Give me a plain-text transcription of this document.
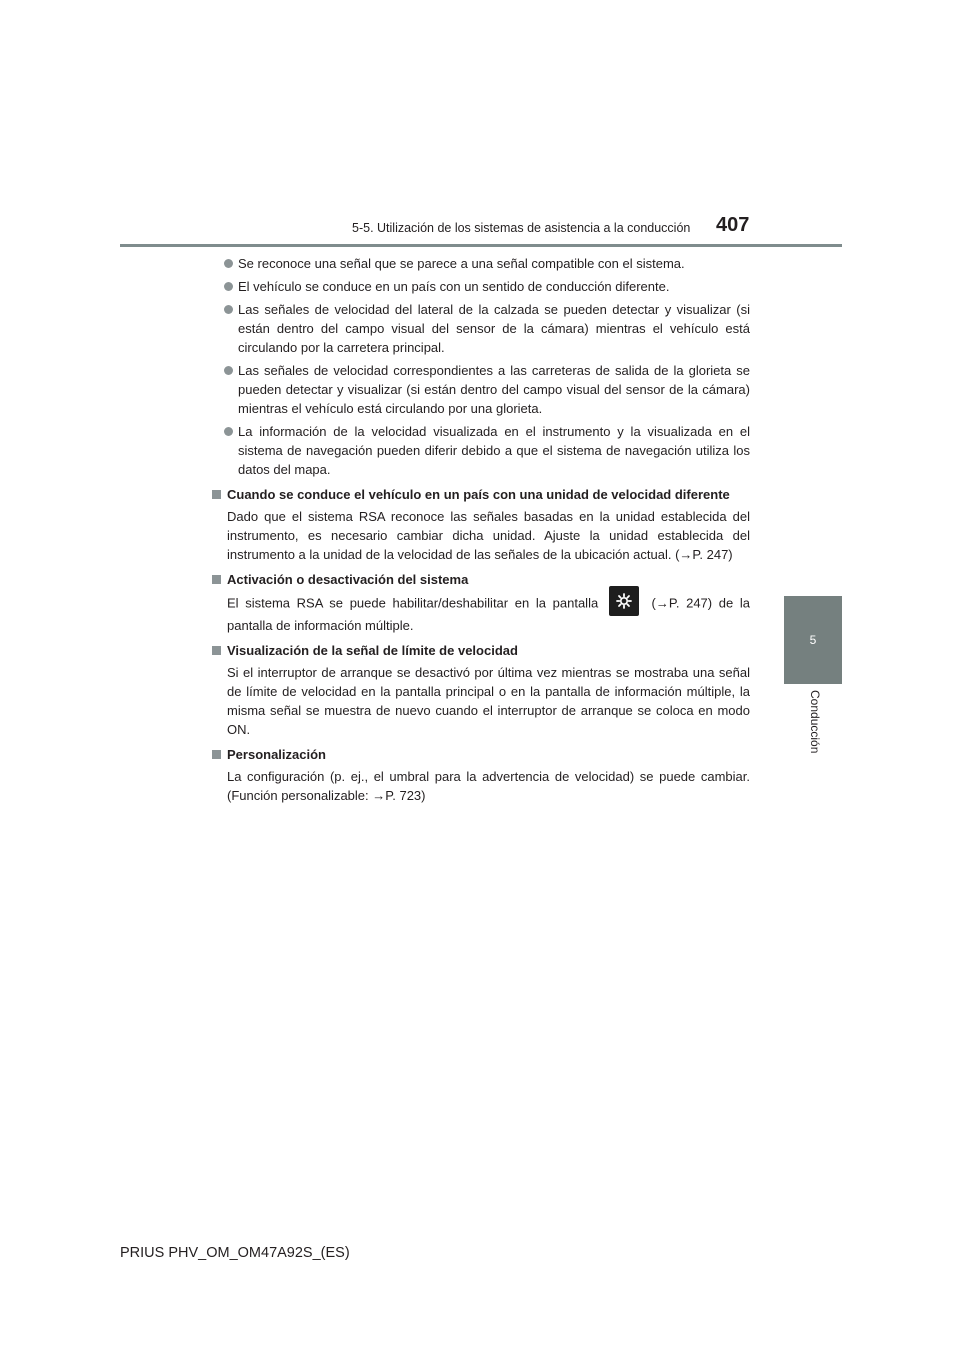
5-5. Utilización de los sistemas de asistencia a la conducción 407
5
Conducción
Se reconoce una señal que se parece a una señal compatible con el sistema.
El vehículo se conduce en un país con un sentido de conducción diferente.
Las señales de velocidad del lateral de la calzada se pueden detectar y visualizar (si están dentro del campo visual del sensor de la cámara) mientras el vehículo está circulando por la carretera principal.
Las señales de velocidad correspondientes a las carreteras de salida de la glorieta se pueden detectar y visualizar (si están dentro del campo visual del sensor de la cámara) mientras el vehículo está circulando por una glorieta.
La información de la velocidad visualizada en el instrumento y la visualizada en el sistema de navegación pueden diferir debido a que el sistema de navegación utiliza los datos del mapa.
Cuando se conduce el vehículo en un país con una unidad de velocidad diferente
Dado que el sistema RSA reconoce las señales basadas en la unidad establecida del instrumento, es necesario cambiar dicha unidad. Ajuste la unidad establecida del instrumento a la unidad de la velocidad de las señales de la ubicación actual. (→P. 247)
Activación o desactivación del sistema
El sistema RSA se puede habilitar/deshabilitar en la pantalla	(→P. 247) de la pantalla de información múltiple.
Visualización de la señal de límite de velocidad
Si el interruptor de arranque se desactivó por última vez mientras se mostraba una señal de límite de velocidad en la pantalla principal o en la pantalla de información múltiple, la misma señal se muestra de nuevo cuando el interruptor de arranque se coloca en modo ON.
Personalización
La configuración (p. ej., el umbral para la advertencia de velocidad) se puede cambiar. (Función personalizable: →P. 723)
PRIUS PHV_OM_OM47A92S_(ES)
